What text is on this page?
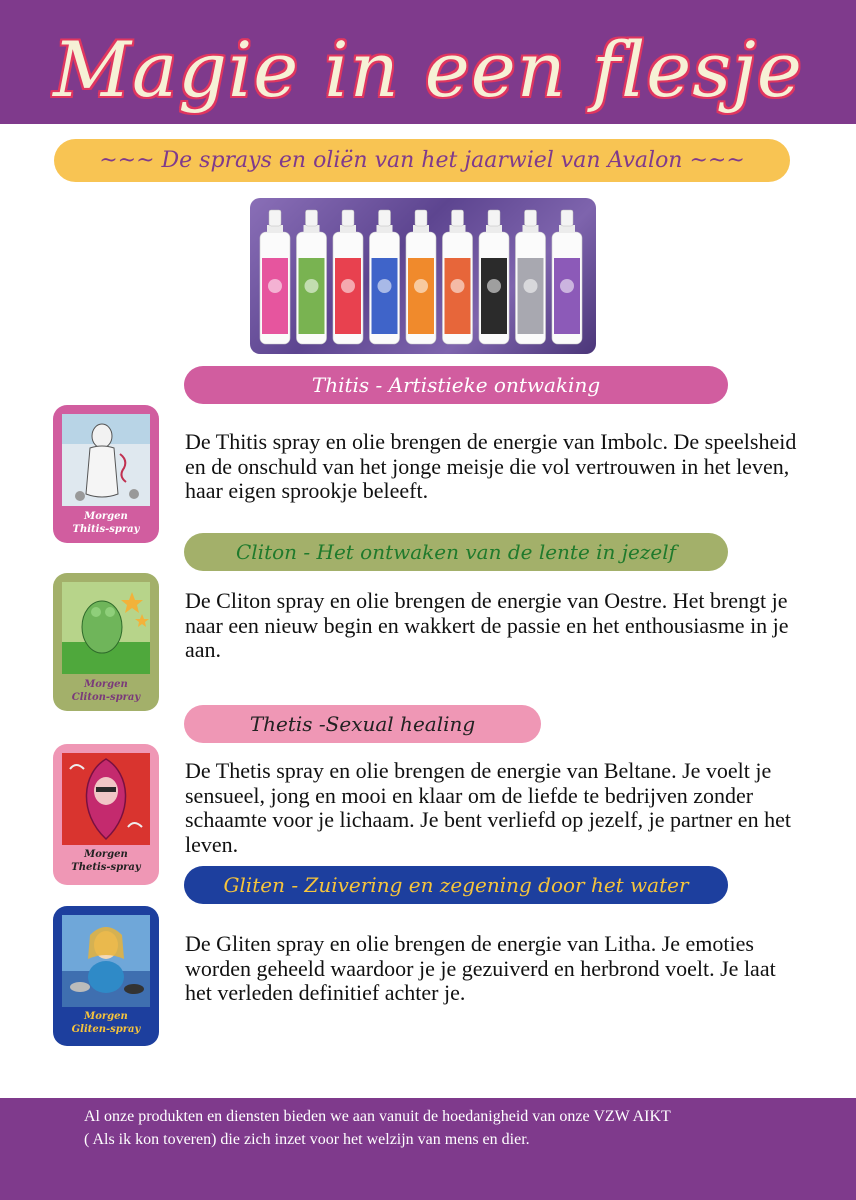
Magie in een flesje
~~~ De sprays en oliën van het jaarwiel van Avalon ~~~
Thitis - Artistieke ontwaking
Morgen
Thitis-spray
De Thitis spray en olie brengen de energie van Imbolc. De speelsheid en de onschuld van het jonge meisje die vol vertrouwen in het leven, haar eigen sprookje beleeft.
Cliton - Het ontwaken van de lente in jezelf
Morgen
Cliton-spray
De Cliton spray en olie brengen de energie van Oestre. Het brengt je naar een nieuw begin en wakkert de passie en het enthousiasme in je aan.
Thetis -Sexual healing
Morgen
Thetis-spray
De Thetis spray en olie brengen de energie van Beltane. Je voelt je sensueel, jong en mooi en klaar om de liefde te bedrijven zonder schaamte voor je lichaam. Je bent verliefd op jezelf, je partner en het leven.
Gliten - Zuivering en zegening door het water
Morgen
Gliten-spray
De Gliten spray en olie brengen de energie van Litha. Je emoties worden geheeld waardoor je je gezuiverd en herbrond voelt. Je laat het verleden definitief achter je.
Al onze produkten en diensten bieden we aan vanuit de hoedanigheid van onze VZW AIKT
( Als ik kon toveren) die zich inzet voor het welzijn van mens en dier.
